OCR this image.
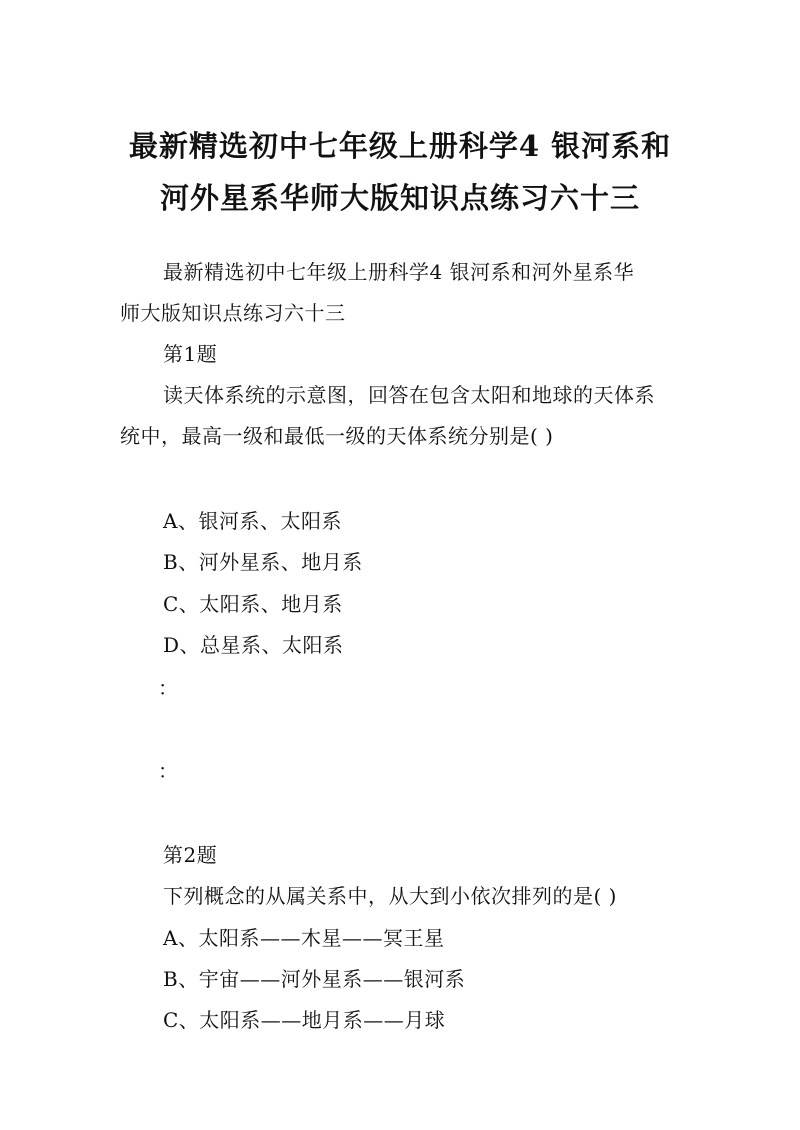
最新精选初中七年级上册科学4 银河系和
河外星系华师大版知识点练习六十三
最新精选初中七年级上册科学4 银河系和河外星系华
师大版知识点练习六十三
第1题
读天体系统的示意图，回答在包含太阳和地球的天体系
统中，最高一级和最低一级的天体系统分别是( )
A、银河系、太阳系
B、河外星系、地月系
C、太阳系、地月系
D、总星系、太阳系
：
：
第2题
下列概念的从属关系中，从大到小依次排列的是( )
A、太阳系——木星——冥王星
B、宇宙——河外星系——银河系
C、太阳系——地月系——月球
